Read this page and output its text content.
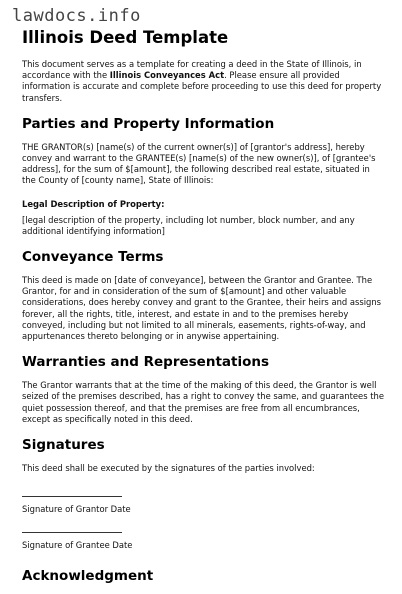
lawdocs.info
Illinois Deed Template
This document serves as a template for creating a deed in the State of Illinois, in accordance with the Illinois Conveyances Act. Please ensure all provided information is accurate and complete before proceeding to use this deed for property transfers.
Parties and Property Information

THE GRANTOR(s) [name(s) of the current owner(s)] of [grantor's address], hereby convey and warrant to the GRANTEE(s) [name(s) of the new owner(s)], of [grantee's address], for the sum of $[amount], the following described real estate, situated in the County of [county name], State of Illinois:

Legal Description of Property:

[legal description of the property, including lot number, block number, and any additional identifying information]

Conveyance Terms

This deed is made on [date of conveyance], between the Grantor and Grantee. The Grantor, for and in consideration of the sum of $[amount] and other valuable considerations, does hereby convey and grant to the Grantee, their heirs and assigns forever, all the rights, title, interest, and estate in and to the premises hereby conveyed, including but not limited to all minerals, easements, rights-of-way, and appurtenances thereto belonging or in anywise appertaining.

Warranties and Representations

The Grantor warrants that at the time of the making of this deed, the Grantor is well seized of the premises described, has a right to convey the same, and guarantees the quiet possession thereof, and that the premises are free from all encumbrances, except as specifically noted in this deed.

Signatures

This deed shall be executed by the signatures of the parties involved:

Signature of Grantor Date
Signature of Grantee Date
Acknowledgment
